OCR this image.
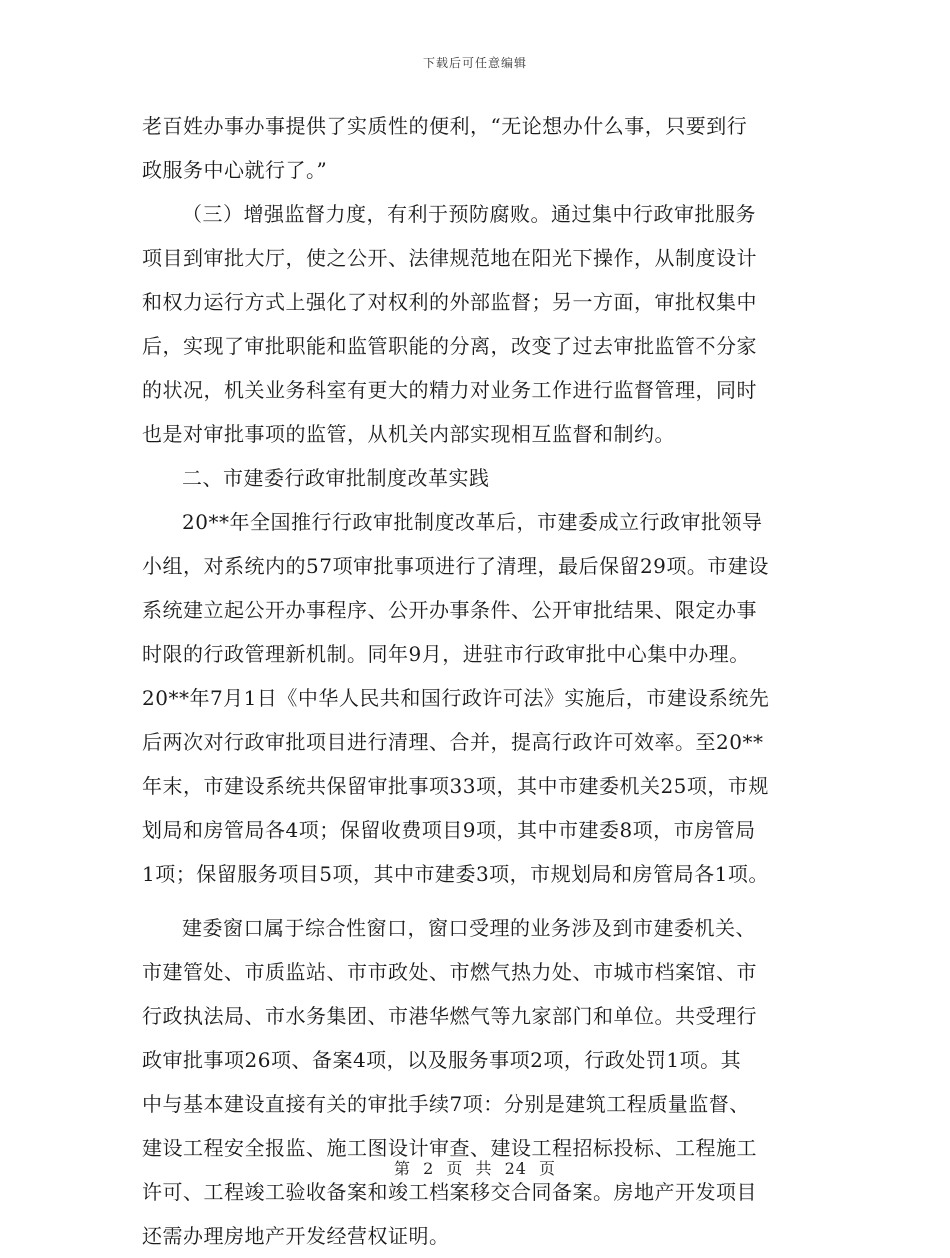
下载后可任意编辑
老百姓办事办事提供了实质性的便利，“无论想办什么事，只要到行
政服务中心就行了。”
（三）增强监督力度，有利于预防腐败。通过集中行政审批服务
项目到审批大厅，使之公开、法律规范地在阳光下操作，从制度设计
和权力运行方式上强化了对权利的外部监督；另一方面，审批权集中
后，实现了审批职能和监管职能的分离，改变了过去审批监管不分家
的状况，机关业务科室有更大的精力对业务工作进行监督管理，同时
也是对审批事项的监管，从机关内部实现相互监督和制约。
二、市建委行政审批制度改革实践
20**年全国推行行政审批制度改革后，市建委成立行政审批领导
小组，对系统内的57项审批事项进行了清理，最后保留29项。市建设
系统建立起公开办事程序、公开办事条件、公开审批结果、限定办事
时限的行政管理新机制。同年9月，进驻市行政审批中心集中办理。
20**年7月1日《中华人民共和国行政许可法》实施后，市建设系统先
后两次对行政审批项目进行清理、合并，提高行政许可效率。至20**
年末，市建设系统共保留审批事项33项，其中市建委机关25项，市规
划局和房管局各4项；保留收费项目9项，其中市建委8项，市房管局
1项；保留服务项目5项，其中市建委3项，市规划局和房管局各1项。
建委窗口属于综合性窗口，窗口受理的业务涉及到市建委机关、
市建管处、市质监站、市市政处、市燃气热力处、市城市档案馆、市
行政执法局、市水务集团、市港华燃气等九家部门和单位。共受理行
政审批事项26项、备案4项，以及服务事项2项，行政处罚1项。其
中与基本建设直接有关的审批手续7项：分别是建筑工程质量监督、
建设工程安全报监、施工图设计审查、建设工程招标投标、工程施工
许可、工程竣工验收备案和竣工档案移交合同备案。房地产开发项目
还需办理房地产开发经营权证明。
第 2 页 共 24 页
